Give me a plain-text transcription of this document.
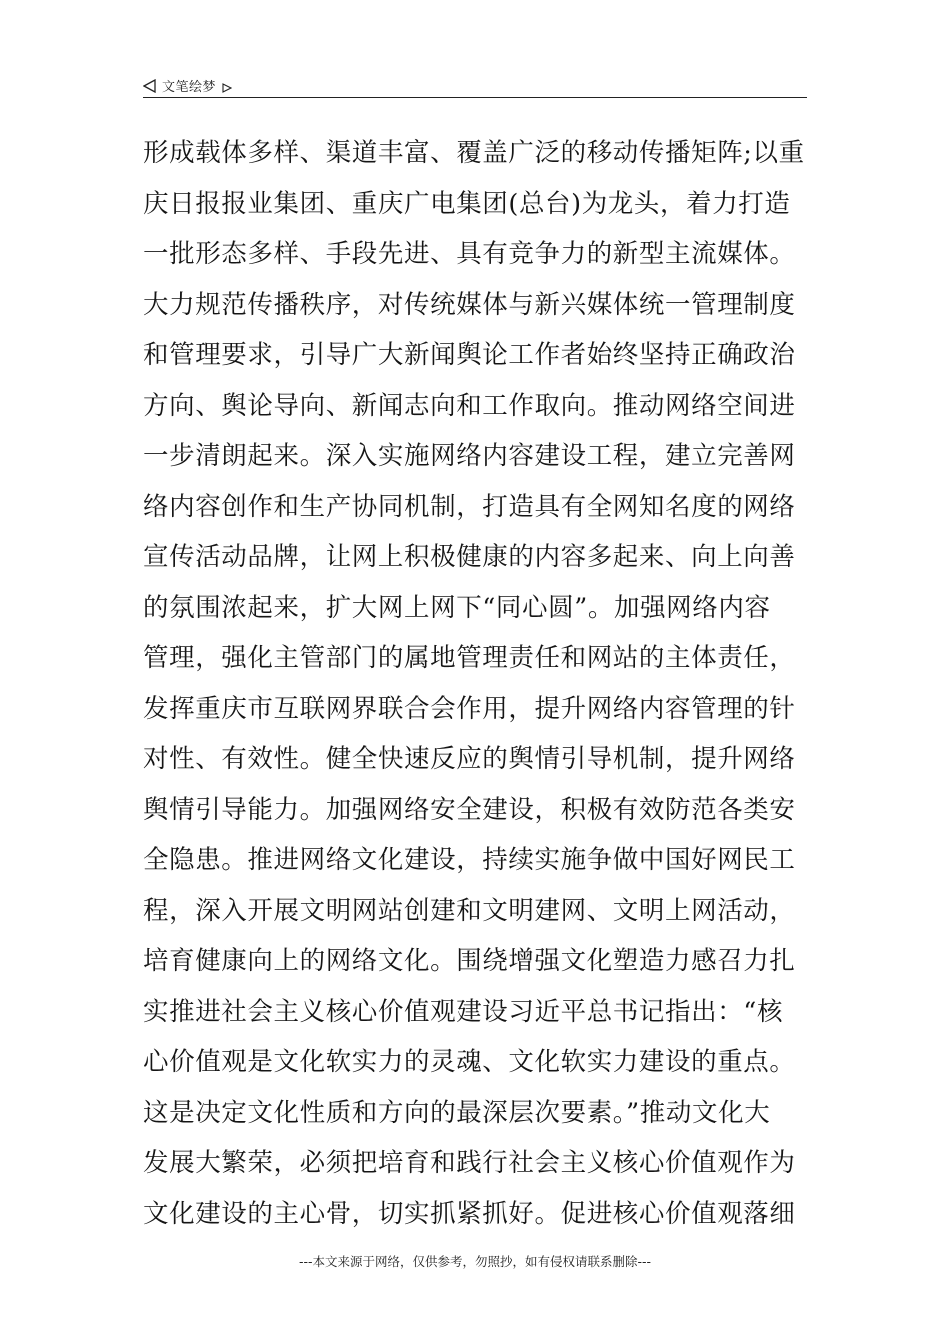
文笔绘梦
形成载体多样、渠道丰富、覆盖广泛的移动传播矩阵;以重
庆日报报业集团、重庆广电集团(总台)为龙头，着力打造
一批形态多样、手段先进、具有竞争力的新型主流媒体。
大力规范传播秩序，对传统媒体与新兴媒体统一管理制度
和管理要求，引导广大新闻舆论工作者始终坚持正确政治
方向、舆论导向、新闻志向和工作取向。推动网络空间进
一步清朗起来。深入实施网络内容建设工程，建立完善网
络内容创作和生产协同机制，打造具有全网知名度的网络
宣传活动品牌，让网上积极健康的内容多起来、向上向善
的氛围浓起来，扩大网上网下“同心圆”。加强网络内容
管理，强化主管部门的属地管理责任和网站的主体责任，
发挥重庆市互联网界联合会作用，提升网络内容管理的针
对性、有效性。健全快速反应的舆情引导机制，提升网络
舆情引导能力。加强网络安全建设，积极有效防范各类安
全隐患。推进网络文化建设，持续实施争做中国好网民工
程，深入开展文明网站创建和文明建网、文明上网活动，
培育健康向上的网络文化。围绕增强文化塑造力感召力扎
实推进社会主义核心价值观建设习近平总书记指出：“核
心价值观是文化软实力的灵魂、文化软实力建设的重点。
这是决定文化性质和方向的最深层次要素。”推动文化大
发展大繁荣，必须把培育和践行社会主义核心价值观作为
文化建设的主心骨，切实抓紧抓好。促进核心价值观落细
---本文来源于网络，仅供参考，勿照抄，如有侵权请联系删除---
